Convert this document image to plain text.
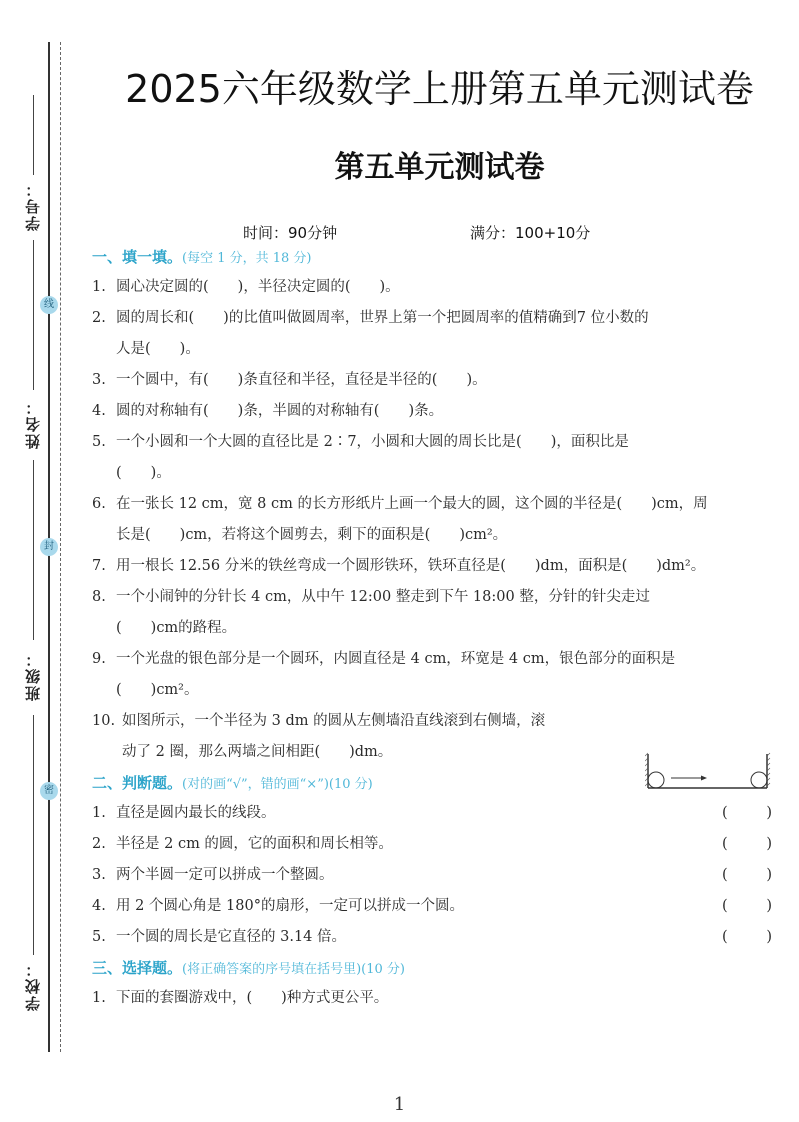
学号：
姓名：
班级：
学校：
线
封
密
2025六年级数学上册第五单元测试卷
第五单元测试卷
时间：90分钟	满分：100+10分
一、填一填。(每空 1 分，共 18 分)
1. 圆心决定圆的(　　)，半径决定圆的(　　)。
2. 圆的周长和(　　)的比值叫做圆周率，世界上第一个把圆周率的值精确到7 位小数的
人是(　　)。
3. 一个圆中，有(　　)条直径和半径，直径是半径的(　　)。
4. 圆的对称轴有(　　)条，半圆的对称轴有(　　)条。
5. 一个小圆和一个大圆的直径比是 2∶7，小圆和大圆的周长比是(　　)，面积比是
(　　)。
6. 在一张长 12 cm，宽 8 cm 的长方形纸片上画一个最大的圆，这个圆的半径是(　　)cm，周
长是(　　)cm，若将这个圆剪去，剩下的面积是(　　)cm²。
7. 用一根长 12.56 分米的铁丝弯成一个圆形铁环，铁环直径是(　　)dm，面积是(　　)dm²。
8. 一个小闹钟的分针长 4 cm，从中午 12:00 整走到下午 18:00 整，分针的针尖走过
(　　)cm的路程。
9. 一个光盘的银色部分是一个圆环，内圆直径是 4 cm，环宽是 4 cm，银色部分的面积是
(　　)cm²。
10. 如图所示，一个半径为 3 dm 的圆从左侧墙沿直线滚到右侧墙，滚
动了 2 圈，那么两墙之间相距(　　)dm。
二、判断题。(对的画“√”，错的画“×”)(10 分)
1. 直径是圆内最长的线段。	(	)
2. 半径是 2 cm 的圆，它的面积和周长相等。	(	)
3. 两个半圆一定可以拼成一个整圆。	(	)
4. 用 2 个圆心角是 180°的扇形，一定可以拼成一个圆。	(	)
5. 一个圆的周长是它直径的 3.14 倍。	(	)
三、选择题。(将正确答案的序号填在括号里)(10 分)
1. 下面的套圈游戏中，(　　)种方式更公平。
1
